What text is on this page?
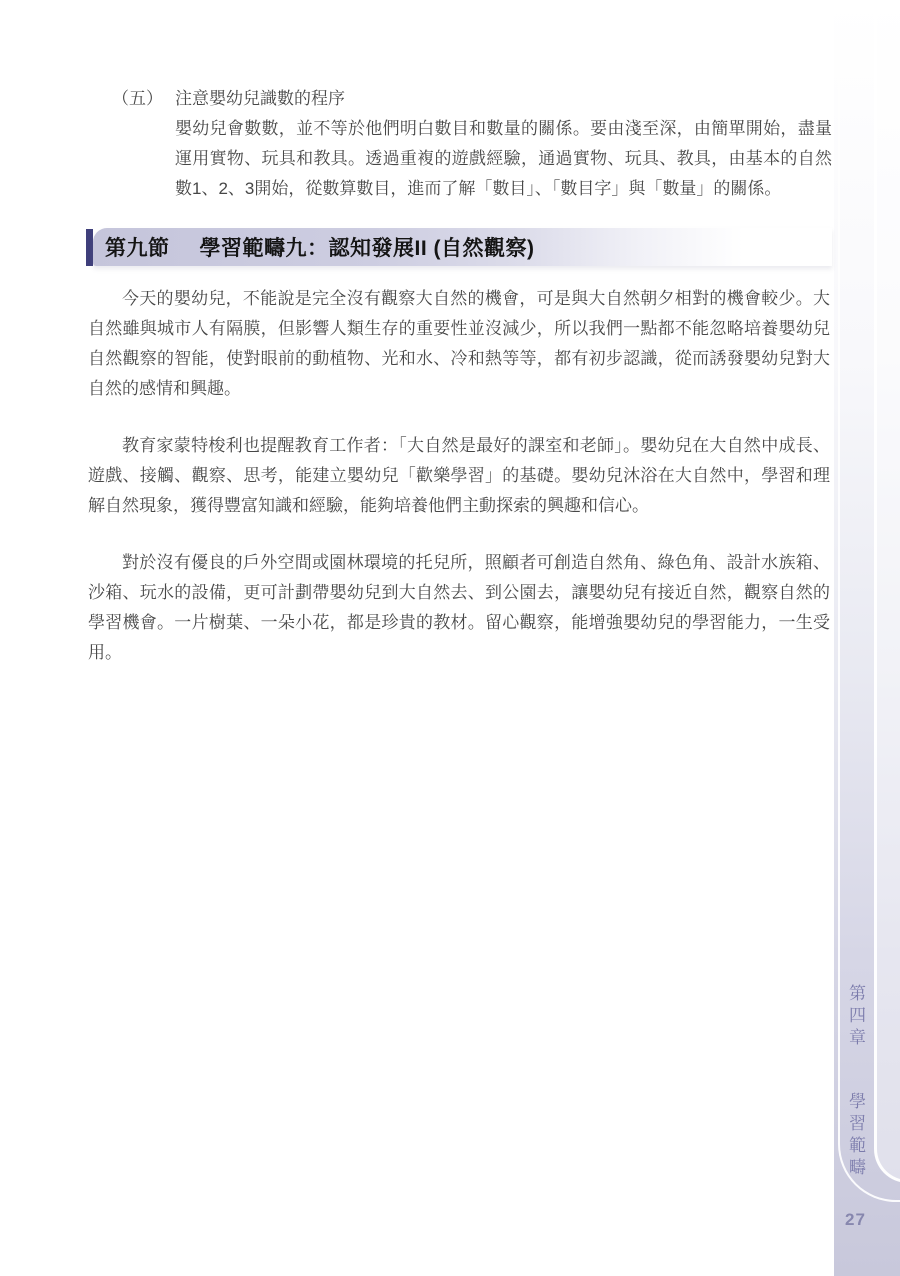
第四章 學習範疇
27
（五） 注意嬰幼兒識數的程序
嬰幼兒會數數，並不等於他們明白數目和數量的關係。要由淺至深，由簡單開始，盡量運用實物、玩具和教具。透過重複的遊戲經驗，通過實物、玩具、教具，由基本的自然數1、2、3開始，從數算數目，進而了解「數目」、「數目字」與「數量」的關係。
第九節 學習範疇九：認知發展II (自然觀察)

今天的嬰幼兒，不能說是完全沒有觀察大自然的機會，可是與大自然朝夕相對的機會較少。大自然雖與城市人有隔膜，但影響人類生存的重要性並沒減少，所以我們一點都不能忽略培養嬰幼兒自然觀察的智能，使對眼前的動植物、光和水、冷和熱等等，都有初步認識，從而誘發嬰幼兒對大自然的感情和興趣。

教育家蒙特梭利也提醒教育工作者：「大自然是最好的課室和老師」。嬰幼兒在大自然中成長、遊戲、接觸、觀察、思考，能建立嬰幼兒「歡樂學習」的基礎。嬰幼兒沐浴在大自然中，學習和理解自然現象，獲得豐富知識和經驗，能夠培養他們主動探索的興趣和信心。

對於沒有優良的戶外空間或園林環境的托兒所，照顧者可創造自然角、綠色角、設計水族箱、沙箱、玩水的設備，更可計劃帶嬰幼兒到大自然去、到公園去，讓嬰幼兒有接近自然，觀察自然的學習機會。一片樹葉、一朵小花，都是珍貴的教材。留心觀察，能增強嬰幼兒的學習能力，一生受用。
